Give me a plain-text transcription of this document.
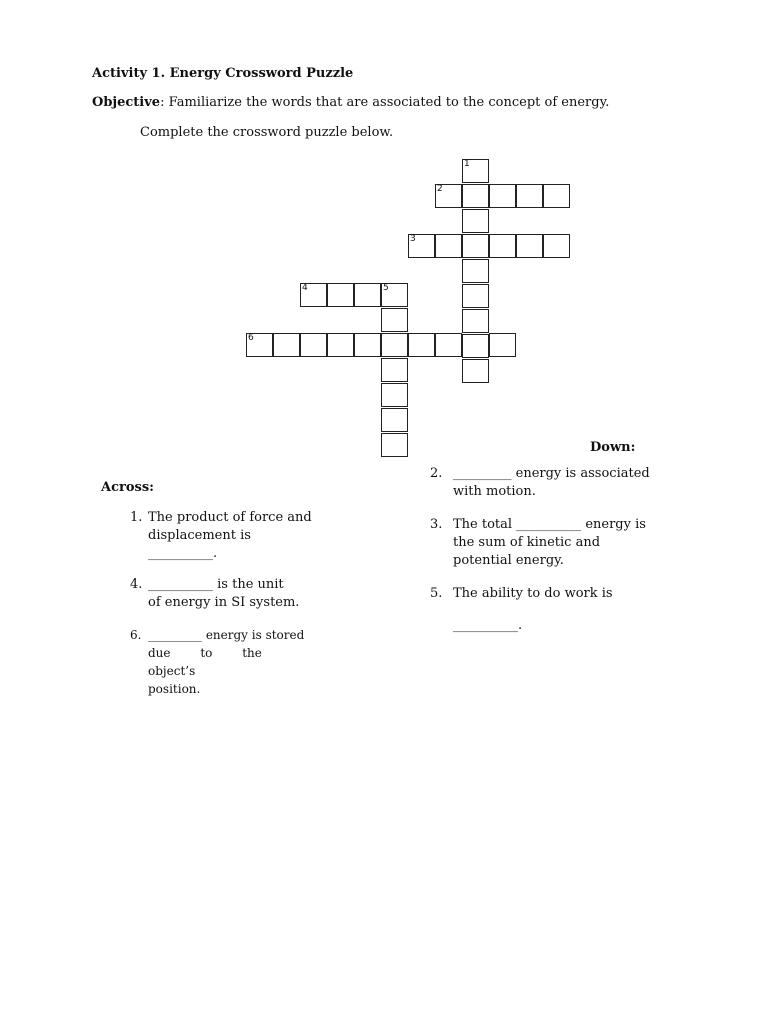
Activity 1. Energy Crossword Puzzle
Objective: Familiarize the words that are associated to the concept of energy.
Complete the crossword puzzle below.
1
2
3
4	5
6
Down:
Across:
1. The product of force and
displacement is
__________.
4. __________ is the unit
of energy in SI system.
6. _________ energy is stored
due to the object’s
position.
2. _________ energy is associated
with motion.
3. The total __________ energy is
the sum of kinetic and
potential energy.
5. The ability to do work is
__________.
